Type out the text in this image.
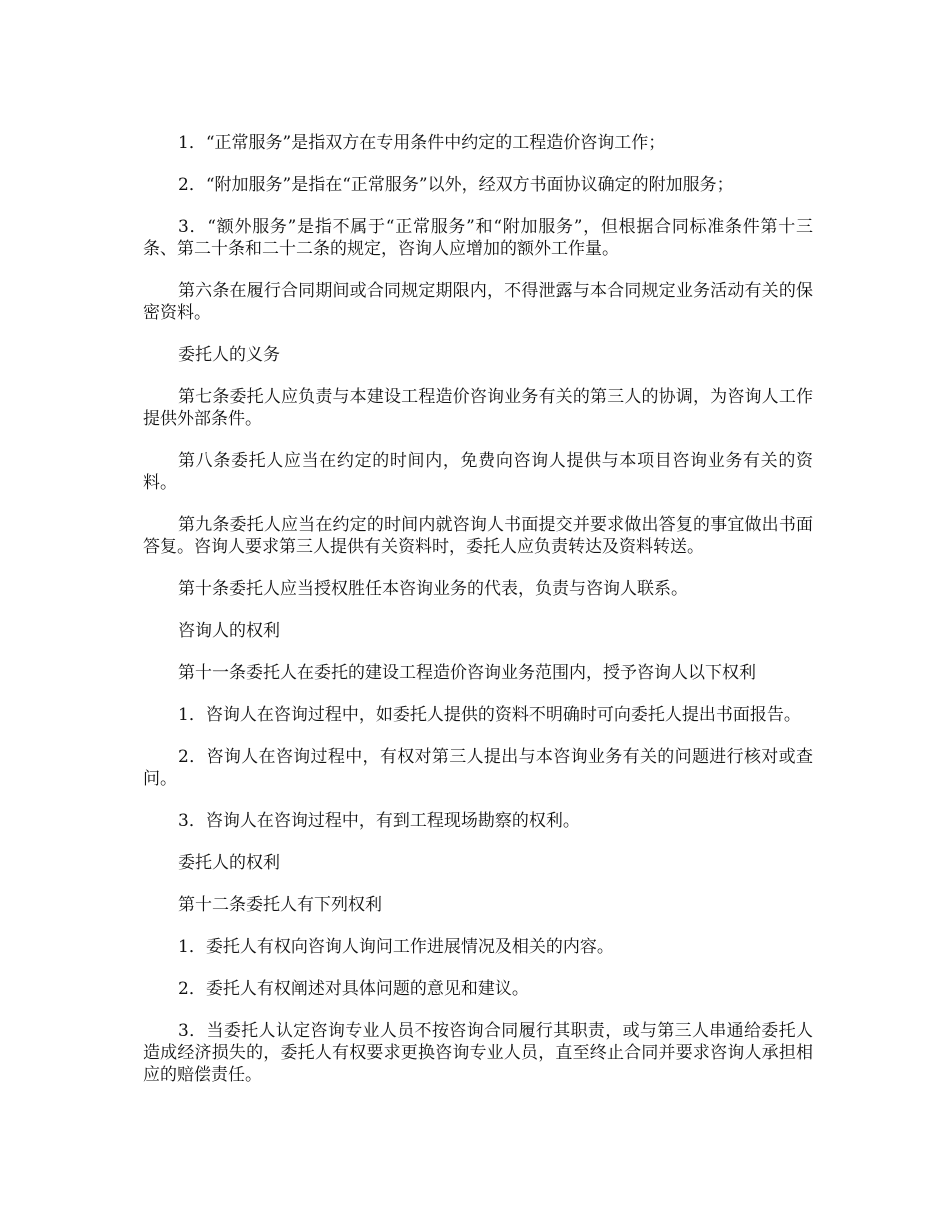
1．“正常服务”是指双方在专用条件中约定的工程造价咨询工作；

2．“附加服务”是指在“正常服务”以外，经双方书面协议确定的附加服务；

3．“额外服务”是指不属于“正常服务”和“附加服务”，但根据合同标准条件第十三条、第二十条和二十二条的规定，咨询人应增加的额外工作量。

第六条在履行合同期间或合同规定期限内，不得泄露与本合同规定业务活动有关的保密资料。

委托人的义务

第七条委托人应负责与本建设工程造价咨询业务有关的第三人的协调，为咨询人工作提供外部条件。

第八条委托人应当在约定的时间内，免费向咨询人提供与本项目咨询业务有关的资料。

第九条委托人应当在约定的时间内就咨询人书面提交并要求做出答复的事宜做出书面答复。咨询人要求第三人提供有关资料时，委托人应负责转达及资料转送。

第十条委托人应当授权胜任本咨询业务的代表，负责与咨询人联系。

咨询人的权利

第十一条委托人在委托的建设工程造价咨询业务范围内，授予咨询人以下权利

1．咨询人在咨询过程中，如委托人提供的资料不明确时可向委托人提出书面报告。

2．咨询人在咨询过程中，有权对第三人提出与本咨询业务有关的问题进行核对或查问。

3．咨询人在咨询过程中，有到工程现场勘察的权利。

委托人的权利

第十二条委托人有下列权利

1．委托人有权向咨询人询问工作进展情况及相关的内容。

2．委托人有权阐述对具体问题的意见和建议。

3．当委托人认定咨询专业人员不按咨询合同履行其职责，或与第三人串通给委托人造成经济损失的，委托人有权要求更换咨询专业人员，直至终止合同并要求咨询人承担相应的赔偿责任。
